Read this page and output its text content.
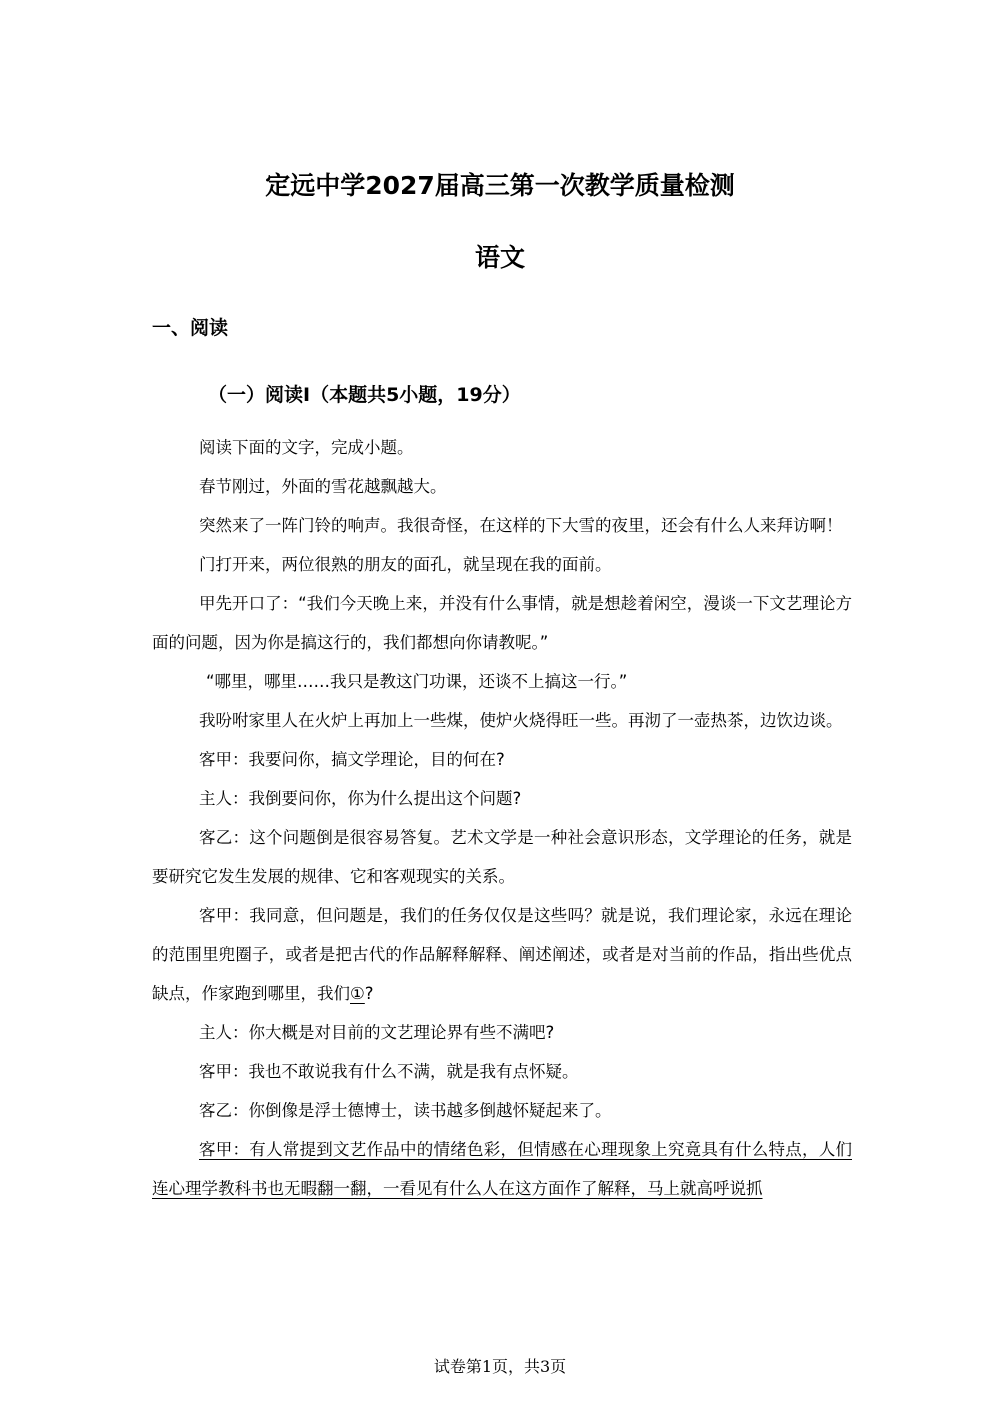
定远中学2027届高三第一次教学质量检测
语文
一、阅读
（一）阅读I（本题共5小题，19分）

阅读下面的文字，完成小题。

春节刚过，外面的雪花越飘越大。

突然来了一阵门铃的响声。我很奇怪，在这样的下大雪的夜里，还会有什么人来拜访啊！

门打开来，两位很熟的朋友的面孔，就呈现在我的面前。

甲先开口了：“我们今天晚上来，并没有什么事情，就是想趁着闲空，漫谈一下文艺理论方面的问题，因为你是搞这行的，我们都想向你请教呢。”

“哪里，哪里……我只是教这门功课，还谈不上搞这一行。”

我吩咐家里人在火炉上再加上一些煤，使炉火烧得旺一些。再沏了一壶热茶，边饮边谈。

客甲：我要问你，搞文学理论，目的何在?

主人：我倒要问你，你为什么提出这个问题?

客乙：这个问题倒是很容易答复。艺术文学是一种社会意识形态，文学理论的任务，就是要研究它发生发展的规律、它和客观现实的关系。

客甲：我同意，但问题是，我们的任务仅仅是这些吗？就是说，我们理论家，永远在理论的范围里兜圈子，或者是把古代的作品解释解释、阐述阐述，或者是对当前的作品，指出些优点缺点，作家跑到哪里，我们①?

主人：你大概是对目前的文艺理论界有些不满吧?

客甲：我也不敢说我有什么不满，就是我有点怀疑。

客乙：你倒像是浮士德博士，读书越多倒越怀疑起来了。

客甲：有人常提到文艺作品中的情绪色彩，但情感在心理现象上究竟具有什么特点，人们连心理学教科书也无暇翻一翻，一看见有什么人在这方面作了解释，马上就高呼说抓

试卷第1页，共3页
